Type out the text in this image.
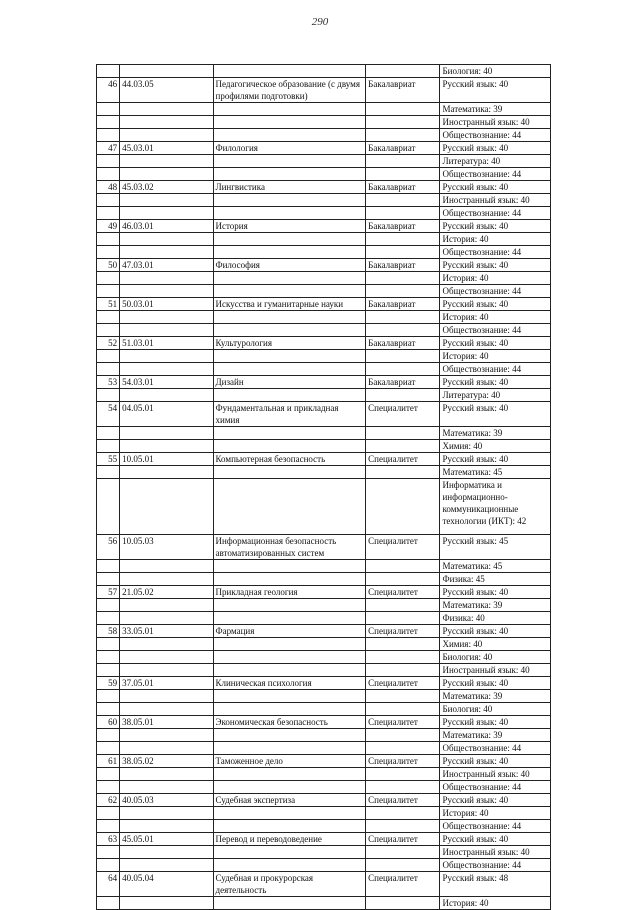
290
				Биология: 40
46	44.03.05	Педагогическое образование (с двумя профилями подготовки)	Бакалавриат	Русский язык: 40
				Математика: 39
				Иностранный язык: 40
				Обществознание: 44
47	45.03.01	Филология	Бакалавриат	Русский язык: 40
				Литература: 40
				Обществознание: 44
48	45.03.02	Лингвистика	Бакалавриат	Русский язык: 40
				Иностранный язык: 40
				Обществознание: 44
49	46.03.01	История	Бакалавриат	Русский язык: 40
				История: 40
				Обществознание: 44
50	47.03.01	Философия	Бакалавриат	Русский язык: 40
				История: 40
				Обществознание: 44
51	50.03.01	Искусства и гуманитарные науки	Бакалавриат	Русский язык: 40
				История: 40
				Обществознание: 44
52	51.03.01	Культурология	Бакалавриат	Русский язык: 40
				История: 40
				Обществознание: 44
53	54.03.01	Дизайн	Бакалавриат	Русский язык: 40
				Литература: 40
54	04.05.01	Фундаментальная и прикладная химия	Специалитет	Русский язык: 40
				Математика: 39
				Химия: 40
55	10.05.01	Компьютерная безопасность	Специалитет	Русский язык: 40
				Математика: 45
				Информатика и информационно-коммуникационные технологии (ИКТ): 42
56	10.05.03	Информационная безопасность автоматизированных систем	Специалитет	Русский язык: 45
				Математика: 45
				Физика: 45
57	21.05.02	Прикладная геология	Специалитет	Русский язык: 40
				Математика: 39
				Физика: 40
58	33.05.01	Фармация	Специалитет	Русский язык: 40
				Химия: 40
				Биология: 40
				Иностранный язык: 40
59	37.05.01	Клиническая психология	Специалитет	Русский язык: 40
				Математика: 39
				Биология: 40
60	38.05.01	Экономическая безопасность	Специалитет	Русский язык: 40
				Математика: 39
				Обществознание: 44
61	38.05.02	Таможенное дело	Специалитет	Русский язык: 40
				Иностранный язык: 40
				Обществознание: 44
62	40.05.03	Судебная экспертиза	Специалитет	Русский язык: 40
				История: 40
				Обществознание: 44
63	45.05.01	Перевод и переводоведение	Специалитет	Русский язык: 40
				Иностранный язык: 40
				Обществознание: 44
64	40.05.04	Судебная и прокурорская деятельность	Специалитет	Русский язык: 48
				История: 40
